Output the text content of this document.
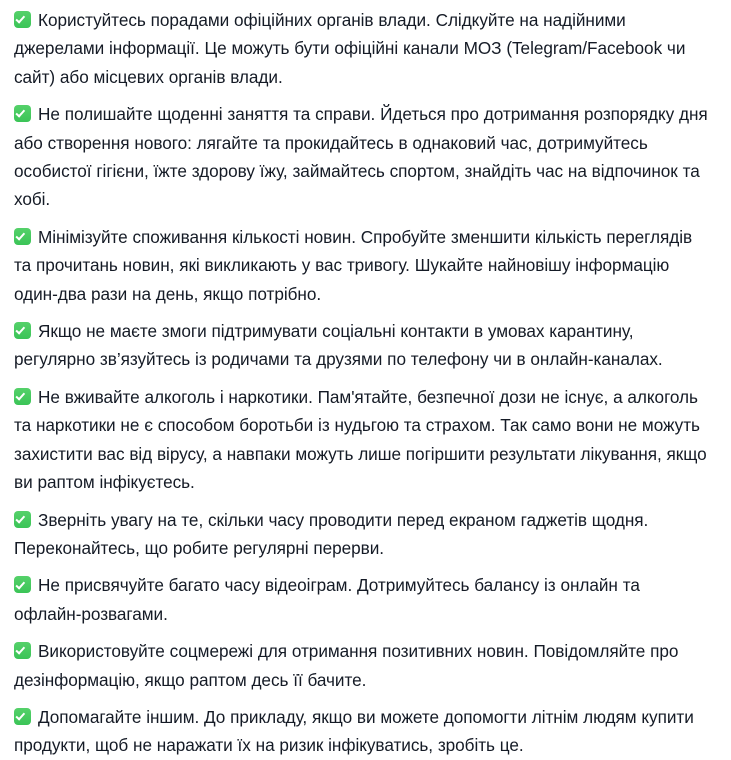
Користуйтесь порадами офіційних органів влади. Слідкуйте на надійними джерелами інформації. Це можуть бути офіційні канали МОЗ (Telegram/Facebook чи сайт) або місцевих органів влади.

Не полишайте щоденні заняття та справи. Йдеться про дотримання розпорядку дня або створення нового: лягайте та прокидайтесь в однаковий час, дотримуйтесь особистої гігієни, їжте здорову їжу, займайтесь спортом, знайдіть час на відпочинок та хобі.

Мінімізуйте споживання кількості новин. Спробуйте зменшити кількість переглядів та прочитань новин, які викликають у вас тривогу. Шукайте найновішу інформацію один-два рази на день, якщо потрібно.

Якщо не маєте змоги підтримувати соціальні контакти в умовах карантину, регулярно зв’язуйтесь із родичами та друзями по телефону чи в онлайн-каналах.

Не вживайте алкоголь і наркотики. Пам'ятайте, безпечної дози не існує, а алкоголь та наркотики не є способом боротьби із нудьгою та страхом. Так само вони не можуть захистити вас від вірусу, а навпаки можуть лише погіршити результати лікування, якщо ви раптом інфікуєтесь.

Зверніть увагу на те, скільки часу проводити перед екраном гаджетів щодня. Переконайтесь, що робите регулярні перерви.

Не присвячуйте багато часу відеоіграм. Дотримуйтесь балансу із онлайн та офлайн-розвагами.

Використовуйте соцмережі для отримання позитивних новин. Повідомляйте про дезінформацію, якщо раптом десь її бачите.

Допомагайте іншим. До прикладу, якщо ви можете допомогти літнім людям купити продукти, щоб не наражати їх на ризик інфікуватись, зробіть це.
